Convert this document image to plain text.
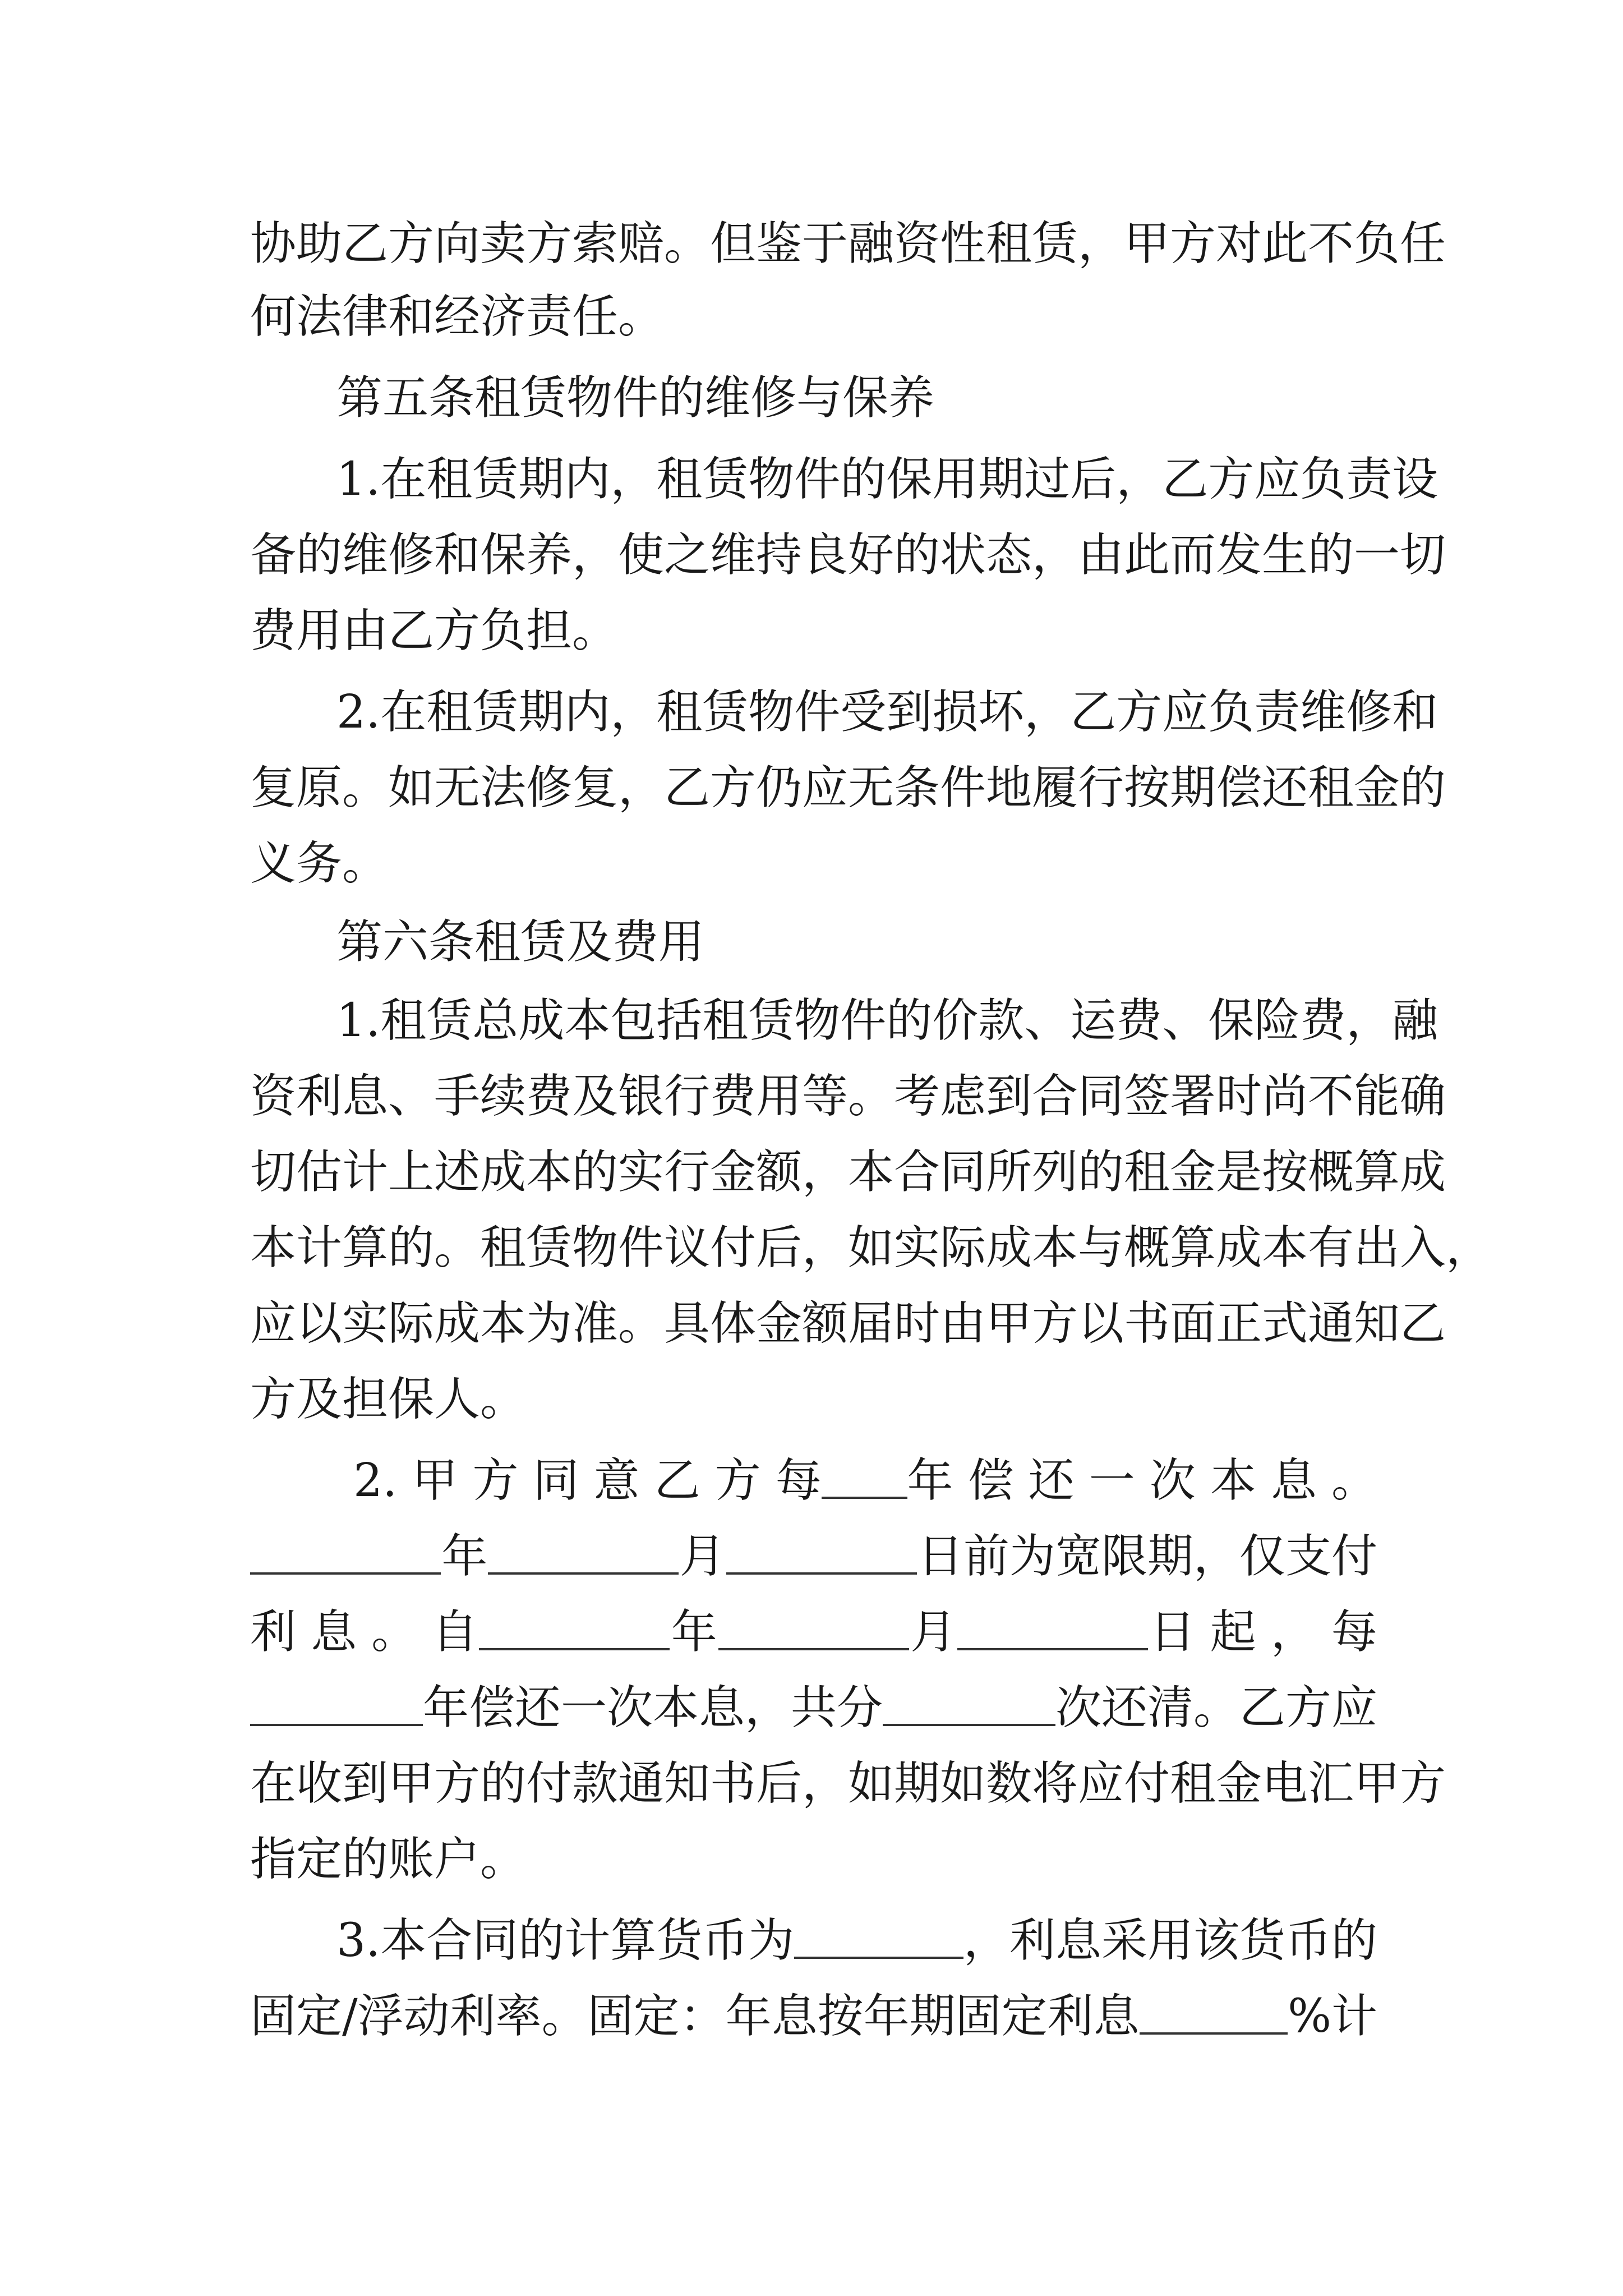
协助乙方向卖方索赔。但鉴于融资性租赁，甲方对此不负任
何法律和经济责任。
第五条租赁物件的维修与保养
1.在租赁期内，租赁物件的保用期过后，乙方应负责设
备的维修和保养，使之维持良好的状态，由此而发生的一切
费用由乙方负担。
2.在租赁期内，租赁物件受到损坏，乙方应负责维修和
复原。如无法修复，乙方仍应无条件地履行按期偿还租金的
义务。
第六条租赁及费用
1.租赁总成本包括租赁物件的价款、运费、保险费，融
资利息、手续费及银行费用等。考虑到合同签署时尚不能确
切估计上述成本的实行金额，本合同所列的租金是按概算成
本计算的。租赁物件议付后，如实际成本与概算成本有出入，
应以实际成本为准。具体金额届时由甲方以书面正式通知乙
方及担保人。
2. 甲 方 同 意 乙 方 每 年 偿 还 一 次 本 息 。
年	月	日前为宽限期，仅支付
利 息 。 自	年	月	日 起 ， 每
年偿还一次本息，共分	次还清。乙方应
在收到甲方的付款通知书后，如期如数将应付租金电汇甲方
指定的账户。
3.本合同的计算货币为	，利息采用该货币的
固定/浮动利率。固定：年息按年期固定利息	%计
